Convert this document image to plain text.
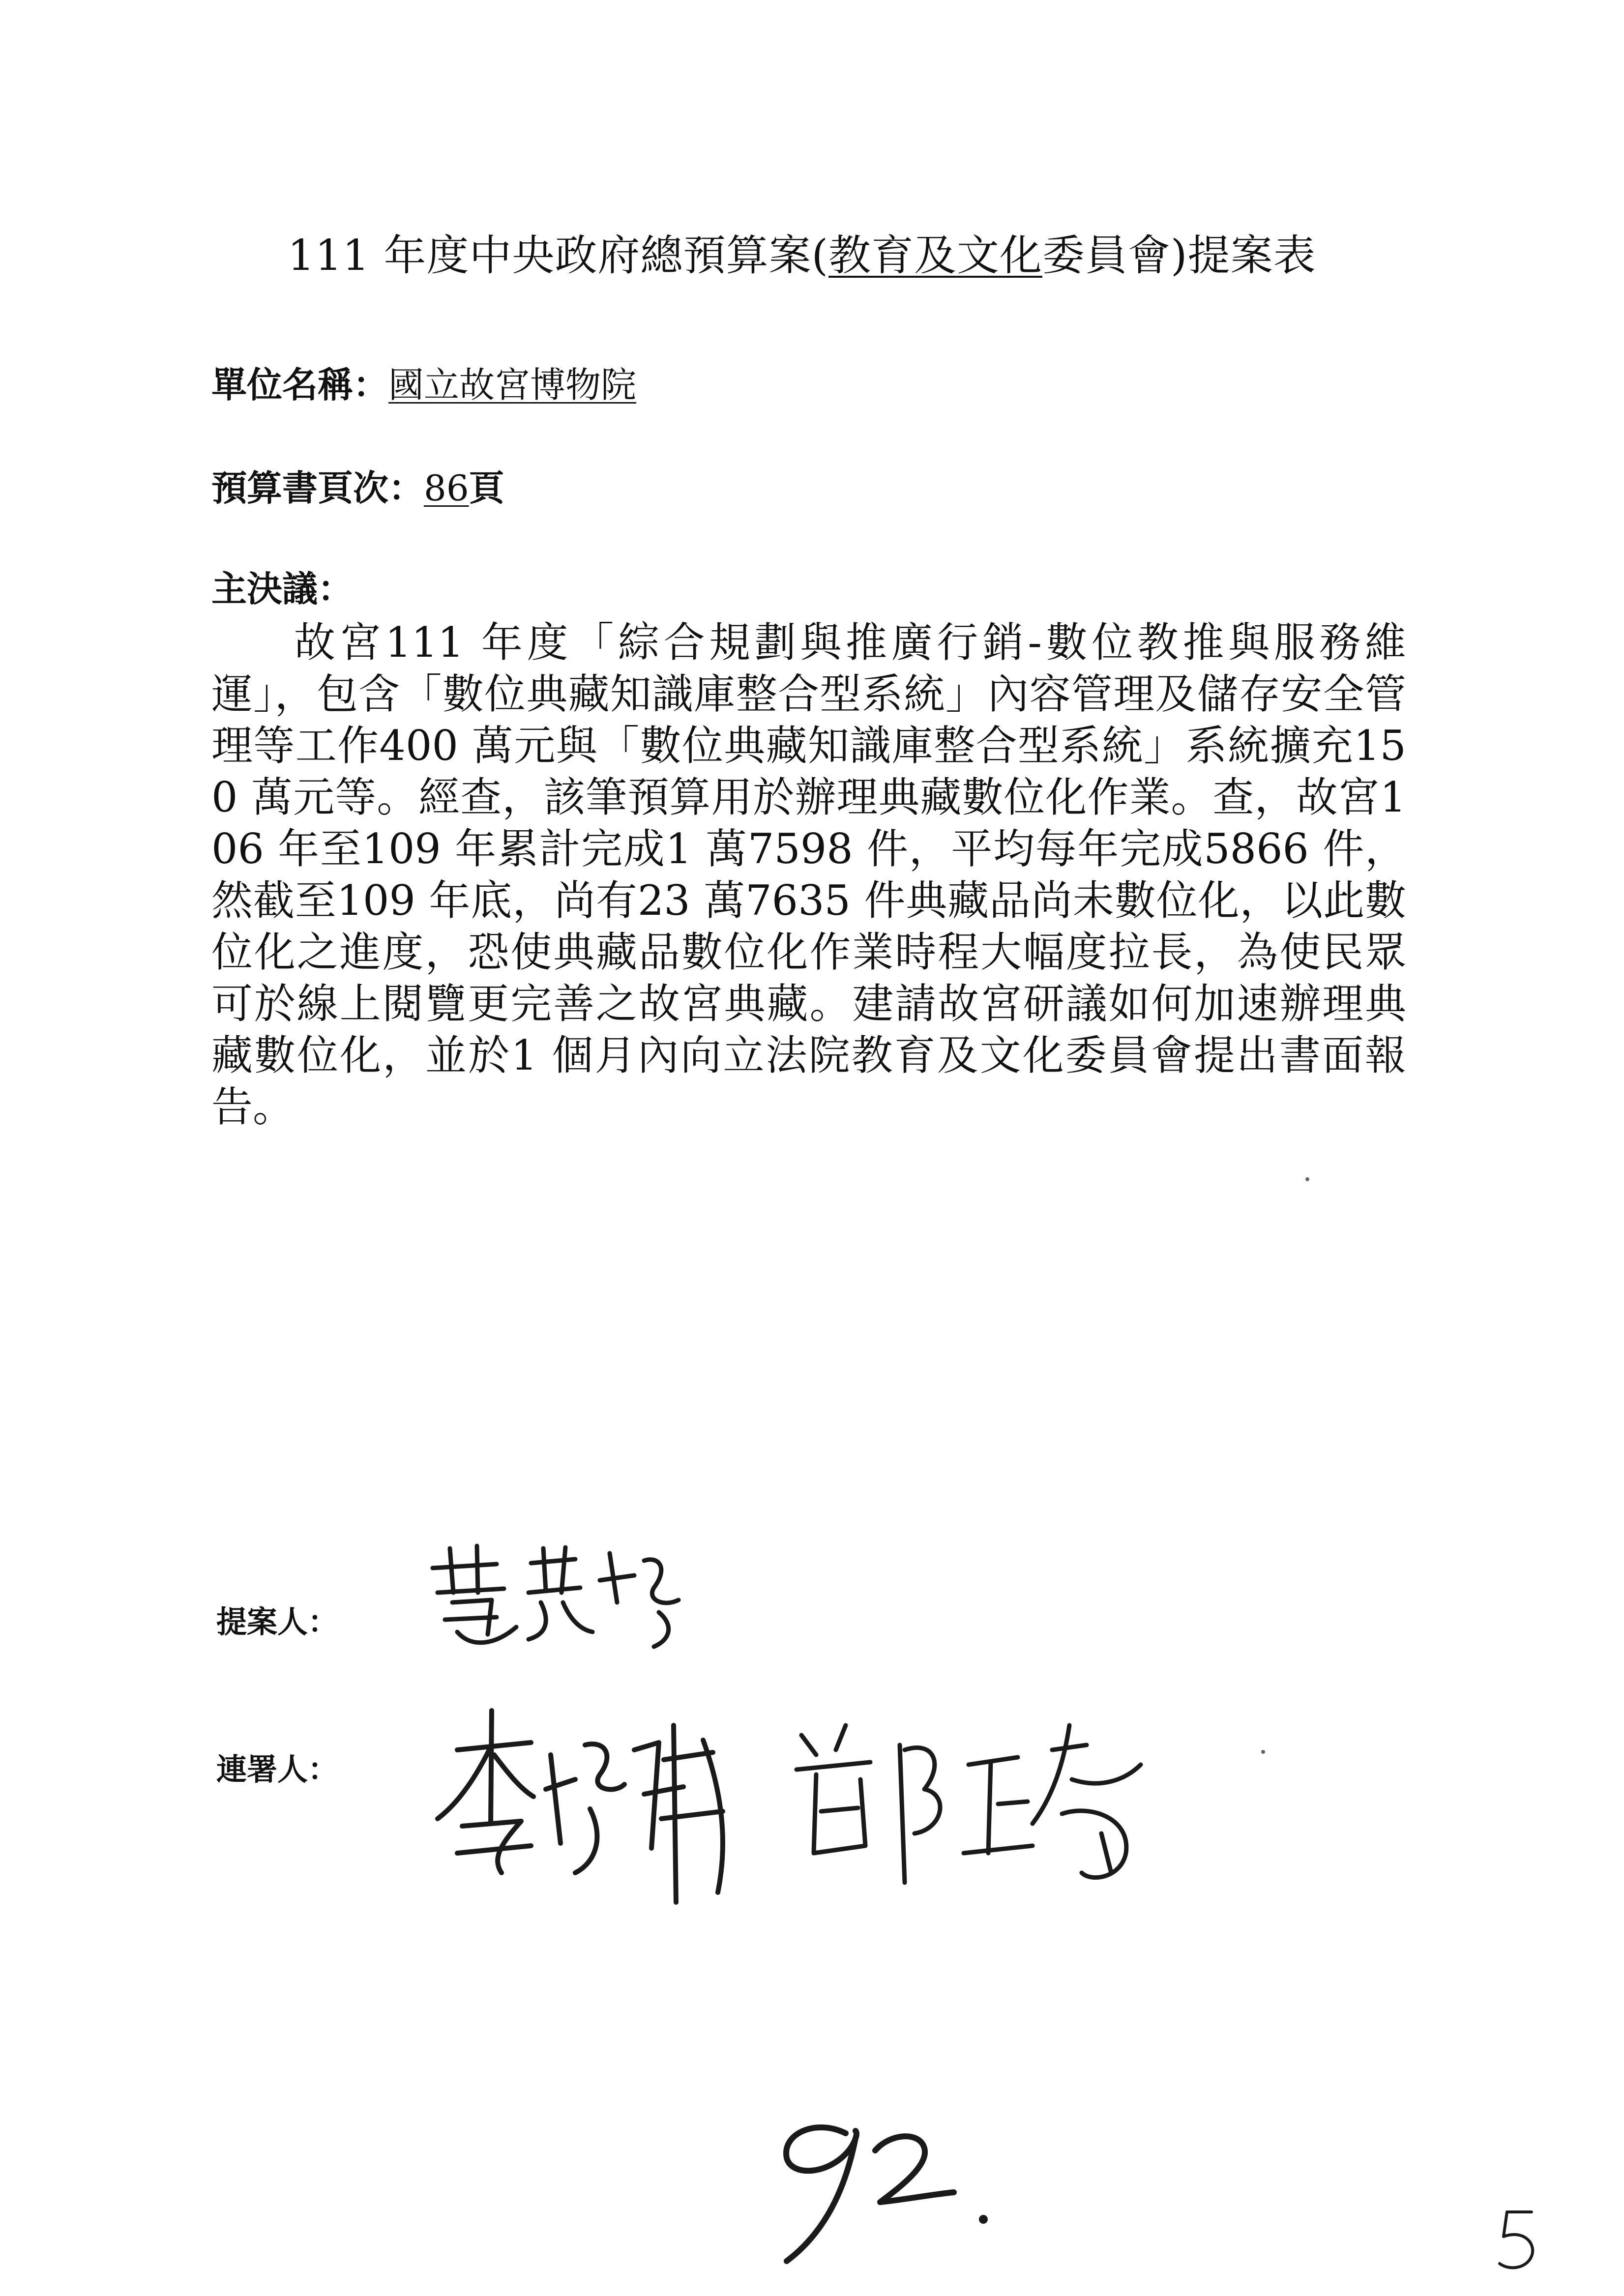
111 年度中央政府總預算案(教育及文化委員會)提案表
單位名稱：國立故宮博物院
預算書頁次：86頁
主決議：
故宮111 年度「綜合規劃與推廣行銷-數位教推與服務維運」，包含「數位典藏知識庫整合型系統」內容管理及儲存安全管理等工作400 萬元與「數位典藏知識庫整合型系統」系統擴充150 萬元等。經查，該筆預算用於辦理典藏數位化作業。查，故宮106 年至109 年累計完成1 萬7598 件，平均每年完成5866 件，然截至109 年底，尚有23 萬7635 件典藏品尚未數位化，以此數位化之進度，恐使典藏品數位化作業時程大幅度拉長，為使民眾可於線上閱覽更完善之故宮典藏。建請故宮研議如何加速辦理典藏數位化，並於1 個月內向立法院教育及文化委員會提出書面報告。
提案人：
連署人：
